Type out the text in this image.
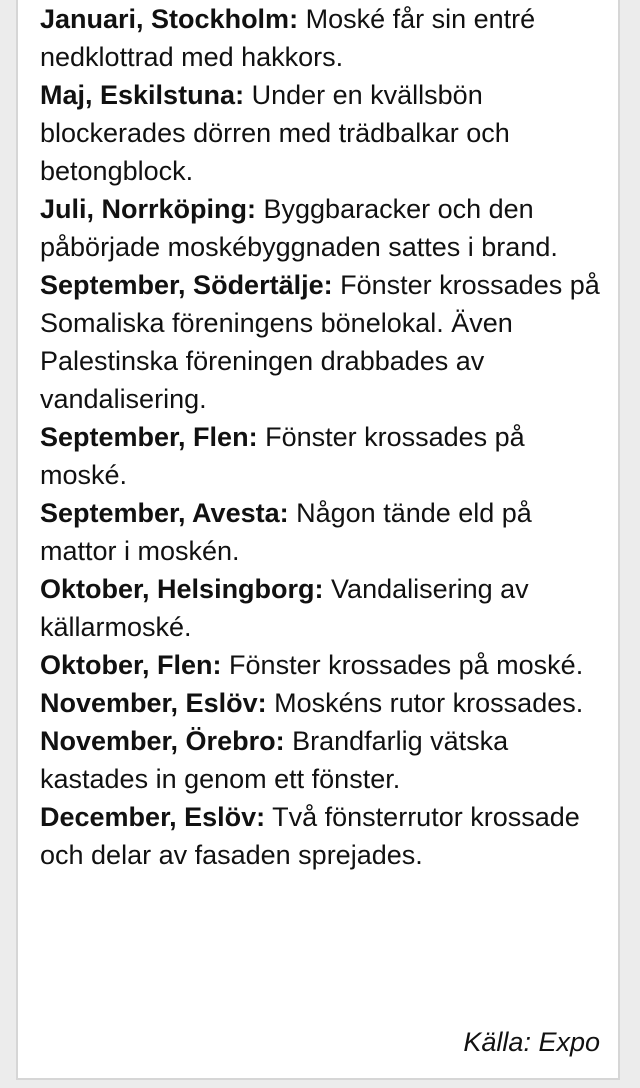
Januari, Stockholm: Moské får sin entré nedklottrad med hakkors.
Maj, Eskilstuna: Under en kvällsbön blockerades dörren med trädbalkar och betongblock.
Juli, Norrköping: Byggbaracker och den påbörjade moskébyggnaden sattes i brand.
September, Södertälje: Fönster krossades på Somaliska föreningens bönelokal. Även Palestinska föreningen drabbades av vandalisering.
September, Flen: Fönster krossades på moské.
September, Avesta: Någon tände eld på mattor i moskén.
Oktober, Helsingborg: Vandalisering av källarmoské.
Oktober, Flen: Fönster krossades på moské.
November, Eslöv: Moskéns rutor krossades.
November, Örebro: Brandfarlig vätska kastades in genom ett fönster.
December, Eslöv: Två fönsterrutor krossade och delar av fasaden sprejades.
Källa: Expo
